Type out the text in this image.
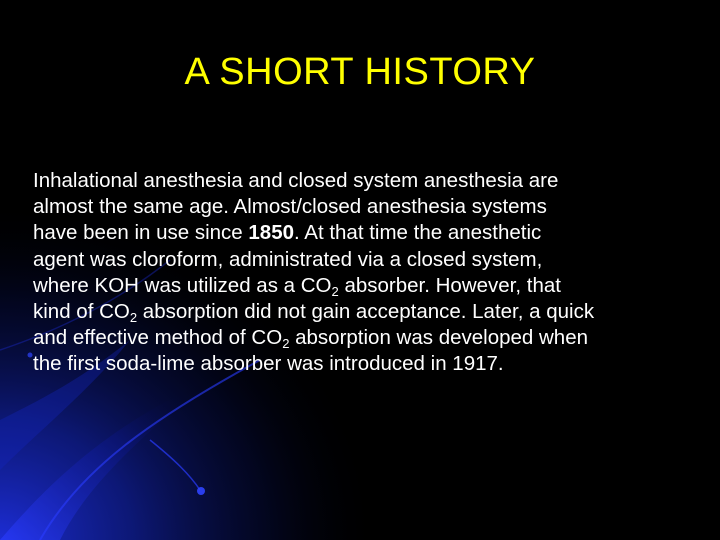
A SHORT HISTORY

Inhalational anesthesia and closed system anesthesia are
almost the same age. Almost/closed anesthesia systems
have been in use since 1850. At that time the anesthetic
agent was cloroform, administrated via a closed system,
where KOH was utilized as a $CO_2$ absorber. However, that
kind of $CO_2$ absorption did not gain acceptance. Later, a quick
and effective method of $CO_2$ absorption was developed when
the first soda-lime absorber was introduced in 1917.
